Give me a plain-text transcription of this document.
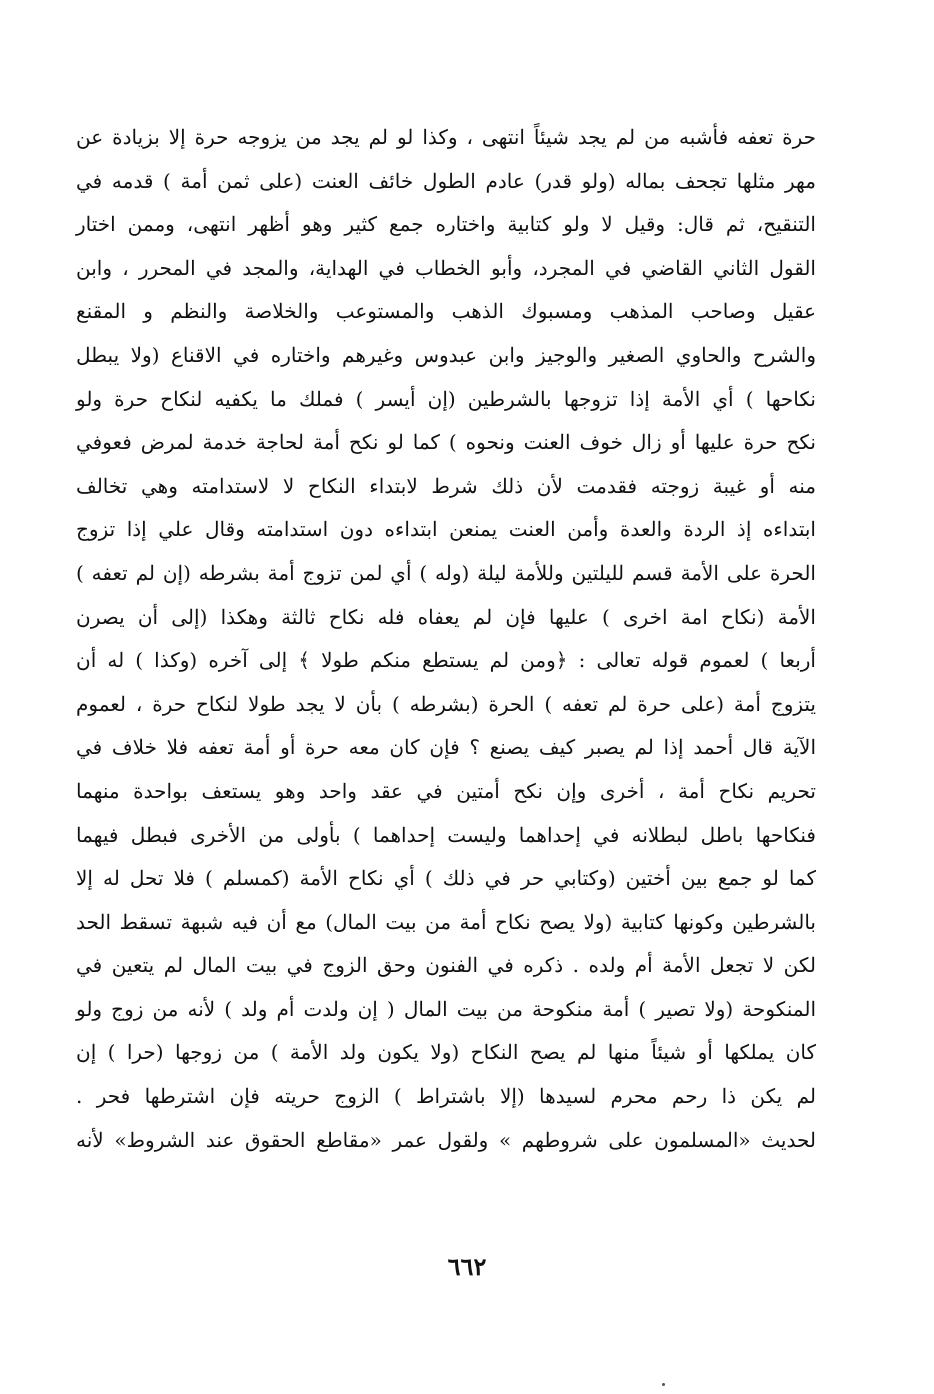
حرة تعفه فأشبه من لم يجد شيئاً انتهى ، وكذا لو لم يجد من يزوجه حرة إلا بزيادة عن
مهر مثلها تجحف بماله (ولو قدر) عادم الطول خائف العنت (على ثمن أمة ) قدمه في
التنقيح، ثم قال: وقيل لا ولو كتابية واختاره جمع كثير وهو أظهر انتهى، وممن اختار
القول الثاني القاضي في المجرد، وأبو الخطاب في الهداية، والمجد في المحرر ، وابن
عقيل وصاحب المذهب ومسبوك الذهب والمستوعب والخلاصة والنظم و المقنع
والشرح والحاوي الصغير والوجيز وابن عبدوس وغيرهم واختاره في الاقناع (ولا يبطل
نكاحها ) أي الأمة إذا تزوجها بالشرطين (إن أيسر ) فملك ما يكفيه لنكاح حرة ولو
نكح حرة عليها أو زال خوف العنت ونحوه ) كما لو نكح أمة لحاجة خدمة لمرض فعوفي
منه أو غيبة زوجته فقدمت لأن ذلك شرط لابتداء النكاح لا لاستدامته وهي تخالف
ابتداءه إذ الردة والعدة وأمن العنت يمنعن ابتداءه دون استدامته وقال علي إذا تزوج
الحرة على الأمة قسم لليلتين وللأمة ليلة (وله ) أي لمن تزوج أمة بشرطه (إن لم تعفه )
الأمة (نكاح امة اخرى ) عليها فإن لم يعفاه فله نكاح ثالثة وهكذا (إلى أن يصرن
أربعا ) لعموم قوله تعالى : ﴿ومن لم يستطع منكم طولا ﴾ إلى آخره (وكذا ) له أن
يتزوج أمة (على حرة لم تعفه ) الحرة (بشرطه ) بأن لا يجد طولا لنكاح حرة ، لعموم
الآية قال أحمد إذا لم يصبر كيف يصنع ؟ فإن كان معه حرة أو أمة تعفه فلا خلاف في
تحريم نكاح أمة ، أخرى وإن نكح أمتين في عقد واحد وهو يستعف بواحدة منهما
فنكاحها باطل لبطلانه في إحداهما وليست إحداهما ) بأولى من الأخرى فبطل فيهما
كما لو جمع بين أختين (وكتابي حر في ذلك ) أي نكاح الأمة (كمسلم ) فلا تحل له إلا
بالشرطين وكونها كتابية (ولا يصح نكاح أمة من بيت المال) مع أن فيه شبهة تسقط الحد
لكن لا تجعل الأمة أم ولده . ذكره في الفنون وحق الزوج في بيت المال لم يتعين في
المنكوحة (ولا تصير ) أمة منكوحة من بيت المال ( إن ولدت أم ولد ) لأنه من زوج ولو
كان يملكها أو شيئاً منها لم يصح النكاح (ولا يكون ولد الأمة ) من زوجها (حرا ) إن
لم يكن ذا رحم محرم لسيدها (إلا باشتراط ) الزوج حريته فإن اشترطها فحر .
لحديث «المسلمون على شروطهم » ولقول عمر «مقاطع الحقوق عند الشروط» لأنه
٦٦٢
